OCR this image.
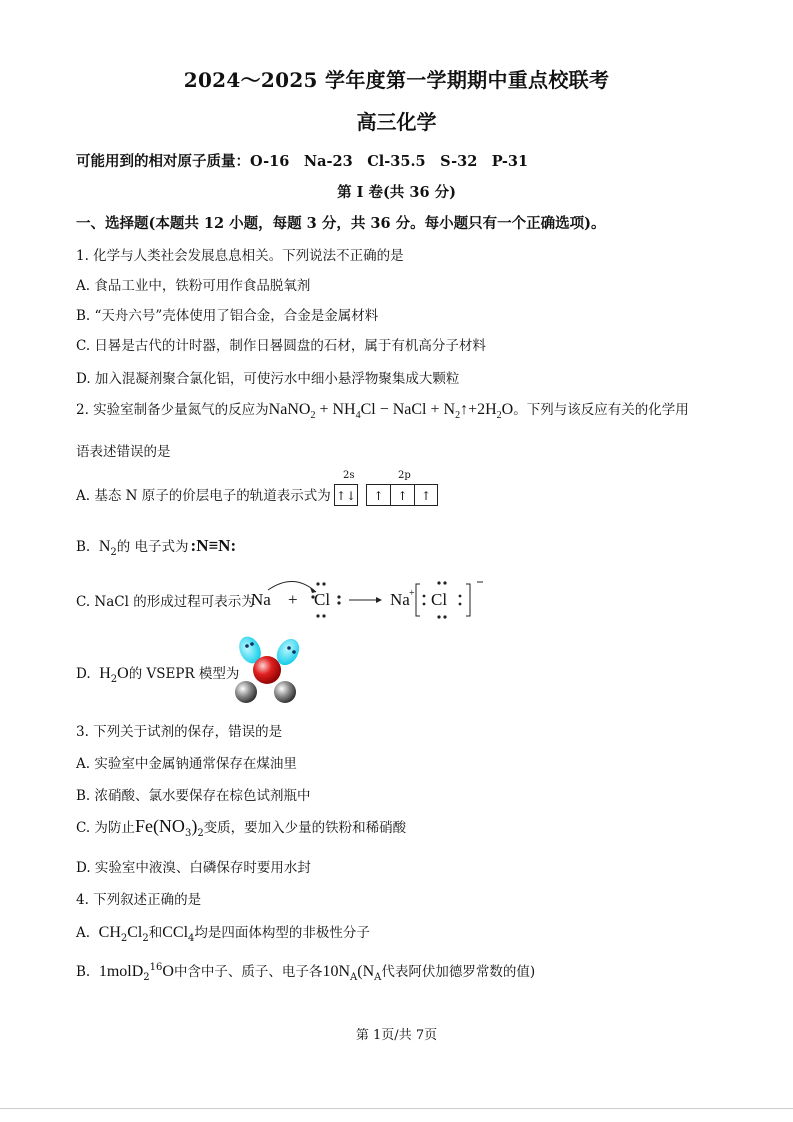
2024～2025 学年度第一学期期中重点校联考
高三化学
可能用到的相对原子质量：O-16　Na-23　Cl-35.5　S-32　P-31
第 I 卷(共 36 分)
一、选择题(本题共 12 小题，每题 3 分，共 36 分。每小题只有一个正确选项)。
1. 化学与人类社会发展息息相关。下列说法不正确的是
A. 食品工业中，铁粉可用作食品脱氧剂
B. “天舟六号”壳体使用了铝合金，合金是金属材料
C. 日晷是古代的计时器，制作日晷圆盘的石材，属于有机高分子材料
D. 加入混凝剂聚合氯化铝，可使污水中细小悬浮物聚集成大颗粒
2. 实验室制备少量氮气的反应为NaNO$_2$ + $NH_4Cl$ − NaCl + $N_2↑+2H_2O$。下列与该反应有关的化学用
语表述错误的是
A. 基态 N 原子的价层电子的轨道表示式为
2s	2p
↑↓	↑	↑	↑
B. $N_2$的 电子式为 :N≡N:
C. NaCl 的形成过程可表示为
Na + Cl	Na + Cl
D. $H_2O$的 VSEPR 模型为
3. 下列关于试剂的保存，错误的是
A. 实验室中金属钠通常保存在煤油里
B. 浓硝酸、氯水要保存在棕色试剂瓶中
C. 为防止$Fe(NO_3)_2$变质，要加入少量的铁粉和稀硝酸
D. 实验室中液溴、白磷保存时要用水封
4. 下列叙述正确的是
A. $CH_2Cl_2$和CCl$_4$均是四面体构型的非极性分子
B. 1molD$_2^{16}$O中含中子、质子、电子各$10N_A(N_A$代表阿伏加德罗常数的值)
第 1页/共 7页
